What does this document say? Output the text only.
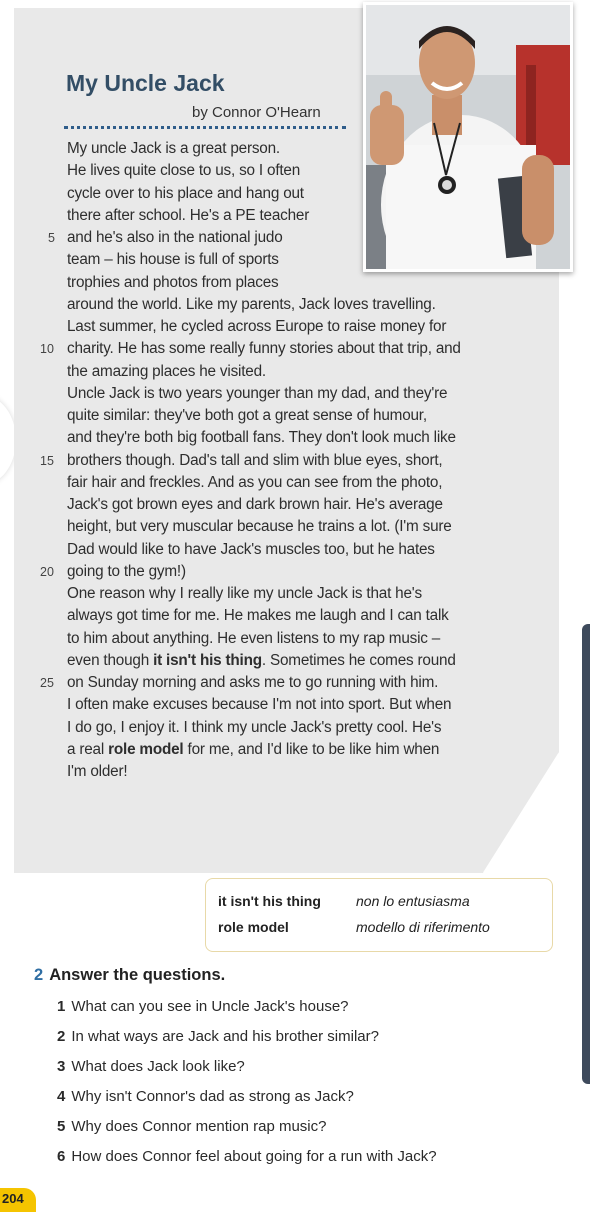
My Uncle Jack
by Connor O'Hearn
My uncle Jack is a great person.
He lives quite close to us, so I often
cycle over to his place and hang out
there after school. He's a PE teacher
and he's also in the national judo
5
team – his house is full of sports
trophies and photos from places
around the world. Like my parents, Jack loves travelling.
Last summer, he cycled across Europe to raise money for
charity. He has some really funny stories about that trip, and
10
the amazing places he visited.
Uncle Jack is two years younger than my dad, and they're
quite similar: they've both got a great sense of humour,
and they're both big football fans. They don't look much like
brothers though. Dad's tall and slim with blue eyes, short,
15
fair hair and freckles. And as you can see from the photo,
Jack's got brown eyes and dark brown hair. He's average
height, but very muscular because he trains a lot. (I'm sure
Dad would like to have Jack's muscles too, but he hates
going to the gym!)
20
One reason why I really like my uncle Jack is that he's
always got time for me. He makes me laugh and I can talk
to him about anything. He even listens to my rap music –
even though it isn't his thing. Sometimes he comes round
on Sunday morning and asks me to go running with him.
25
I often make excuses because I'm not into sport. But when
I do go, I enjoy it. I think my uncle Jack's pretty cool. He's
a real role model for me, and I'd like to be like him when
I'm older!
it isn't his thing	non lo entusiasma
role model	modello di riferimento
2 Answer the questions.
1 What can you see in Uncle Jack's house?
2 In what ways are Jack and his brother similar?
3 What does Jack look like?
4 Why isn't Connor's dad as strong as Jack?
5 Why does Connor mention rap music?
6 How does Connor feel about going for a run with Jack?
204
